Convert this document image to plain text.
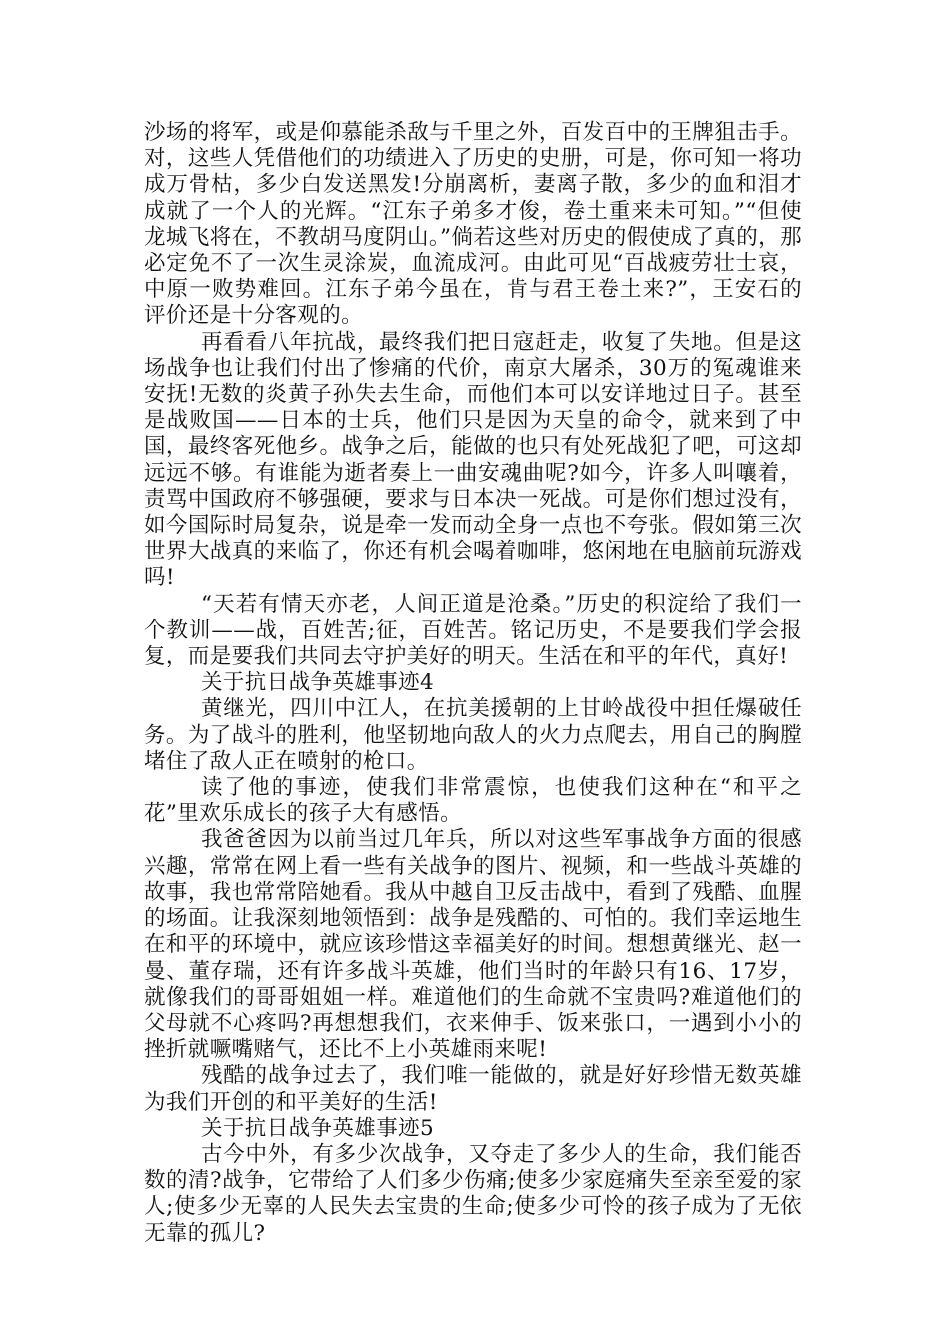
沙场的将军，或是仰慕能杀敌与千里之外，百发百中的王牌狙击手。对，这些人凭借他们的功绩进入了历史的史册，可是，你可知一将功成万骨枯，多少白发送黑发!分崩离析，妻离子散，多少的血和泪才成就了一个人的光辉。“江东子弟多才俊，卷土重来未可知。”“但使龙城飞将在，不教胡马度阴山。”倘若这些对历史的假使成了真的，那必定免不了一次生灵涂炭，血流成河。由此可见“百战疲劳壮士哀，中原一败势难回。江东子弟今虽在，肯与君王卷土来?”，王安石的评价还是十分客观的。

再看看八年抗战，最终我们把日寇赶走，收复了失地。但是这场战争也让我们付出了惨痛的代价，南京大屠杀，30万的冤魂谁来安抚!无数的炎黄子孙失去生命，而他们本可以安详地过日子。甚至是战败国——日本的士兵，他们只是因为天皇的命令，就来到了中国，最终客死他乡。战争之后，能做的也只有处死战犯了吧，可这却远远不够。有谁能为逝者奏上一曲安魂曲呢?如今，许多人叫嚷着，责骂中国政府不够强硬，要求与日本决一死战。可是你们想过没有，如今国际时局复杂，说是牵一发而动全身一点也不夸张。假如第三次世界大战真的来临了，你还有机会喝着咖啡，悠闲地在电脑前玩游戏吗!

“天若有情天亦老，人间正道是沧桑。”历史的积淀给了我们一个教训——战，百姓苦;征，百姓苦。铭记历史，不是要我们学会报复，而是要我们共同去守护美好的明天。生活在和平的年代，真好!

关于抗日战争英雄事迹4

黄继光，四川中江人，在抗美援朝的上甘岭战役中担任爆破任务。为了战斗的胜利，他坚韧地向敌人的火力点爬去，用自己的胸膛堵住了敌人正在喷射的枪口。

读了他的事迹，使我们非常震惊，也使我们这种在“和平之花”里欢乐成长的孩子大有感悟。

我爸爸因为以前当过几年兵，所以对这些军事战争方面的很感兴趣，常常在网上看一些有关战争的图片、视频，和一些战斗英雄的故事，我也常常陪她看。我从中越自卫反击战中，看到了残酷、血腥的场面。让我深刻地领悟到：战争是残酷的、可怕的。我们幸运地生在和平的环境中，就应该珍惜这幸福美好的时间。想想黄继光、赵一曼、董存瑞，还有许多战斗英雄，他们当时的年龄只有16、17岁，就像我们的哥哥姐姐一样。难道他们的生命就不宝贵吗?难道他们的父母就不心疼吗?再想想我们，衣来伸手、饭来张口，一遇到小小的挫折就噘嘴赌气，还比不上小英雄雨来呢!

残酷的战争过去了，我们唯一能做的，就是好好珍惜无数英雄为我们开创的和平美好的生活!

关于抗日战争英雄事迹5

古今中外，有多少次战争，又夺走了多少人的生命，我们能否数的清?战争，它带给了人们多少伤痛;使多少家庭痛失至亲至爱的家人;使多少无辜的人民失去宝贵的生命;使多少可怜的孩子成为了无依无靠的孤儿?
